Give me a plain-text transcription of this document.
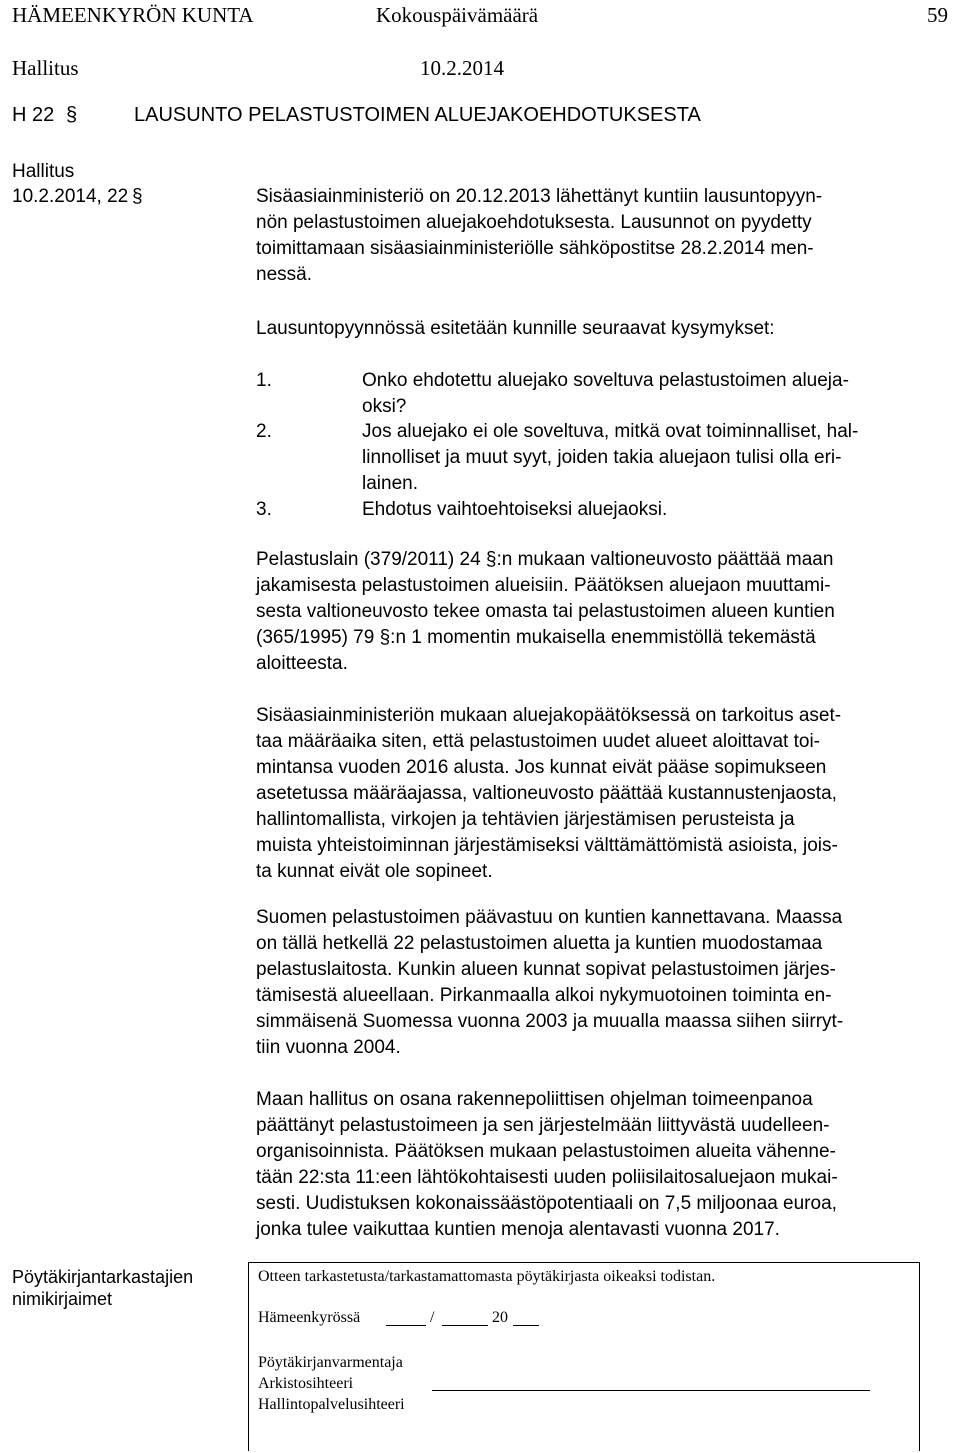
HÄMEENKYRÖN KUNTA	Kokouspäivämäärä	59
Hallitus	10.2.2014
H 22 §	LAUSUNTO PELASTUSTOIMEN ALUEJAKOEHDOTUKSESTA
Hallitus
10.2.2014, 22 §	Sisäasiainministeriö on 20.12.2013 lähettänyt kuntiin lausuntopyyn-
nön pelastustoimen aluejakoehdotuksesta. Lausunnot on pyydetty
toimittamaan sisäasiainministeriölle sähköpostitse 28.2.2014 men-
nessä.
Lausuntopyynnössä esitetään kunnille seuraavat kysymykset:
1.	Onko ehdotettu aluejako soveltuva pelastustoimen alueja-
oksi?
2.	Jos aluejako ei ole soveltuva, mitkä ovat toiminnalliset, hal-
linnolliset ja muut syyt, joiden takia aluejaon tulisi olla eri-
lainen.
3.	Ehdotus vaihtoehtoiseksi aluejaoksi.
Pelastuslain (379/2011) 24 §:n mukaan valtioneuvosto päättää maan
jakamisesta pelastustoimen alueisiin. Päätöksen aluejaon muuttami-
sesta valtioneuvosto tekee omasta tai pelastustoimen alueen kuntien
(365/1995) 79 §:n 1 momentin mukaisella enemmistöllä tekemästä
aloitteesta.
Sisäasiainministeriön mukaan aluejakopäätöksessä on tarkoitus aset-
taa määräaika siten, että pelastustoimen uudet alueet aloittavat toi-
mintansa vuoden 2016 alusta. Jos kunnat eivät pääse sopimukseen
asetetussa määräajassa, valtioneuvosto päättää kustannustenjaosta,
hallintomallista, virkojen ja tehtävien järjestämisen perusteista ja
muista yhteistoiminnan järjestämiseksi välttämättömistä asioista, jois-
ta kunnat eivät ole sopineet.
Suomen pelastustoimen päävastuu on kuntien kannettavana. Maassa
on tällä hetkellä 22 pelastustoimen aluetta ja kuntien muodostamaa
pelastuslaitosta. Kunkin alueen kunnat sopivat pelastustoimen järjes-
tämisestä alueellaan. Pirkanmaalla alkoi nykymuotoinen toiminta en-
simmäisenä Suomessa vuonna 2003 ja muualla maassa siihen siirryt-
tiin vuonna 2004.
Maan hallitus on osana rakennepoliittisen ohjelman toimeenpanoa
päättänyt pelastustoimeen ja sen järjestelmään liittyvästä uudelleen-
organisoinnista. Päätöksen mukaan pelastustoimen alueita vähenne-
tään 22:sta 11:een lähtökohtaisesti uuden poliisilaitosaluejaon mukai-
sesti. Uudistuksen kokonaissäästöpotentiaali on 7,5 miljoonaa euroa,
jonka tulee vaikuttaa kuntien menoja alentavasti vuonna 2017.
Pöytäkirjantarkastajien
nimikirjaimet
Otteen tarkastetusta/tarkastamattomasta pöytäkirjasta oikeaksi todistan.
Hämeenkyrössä	/	20
Pöytäkirjanvarmentaja
Arkistosihteeri
Hallintopalvelusihteeri
